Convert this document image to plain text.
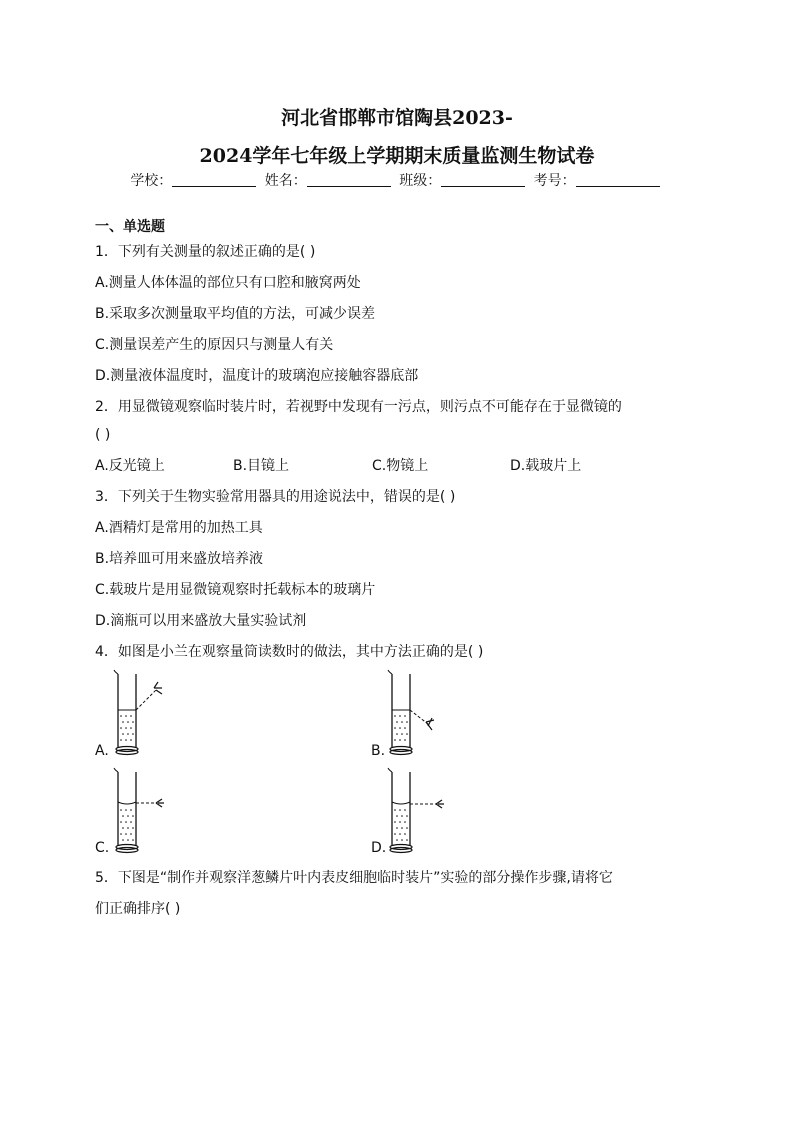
河北省邯郸市馆陶县2023-
2024学年七年级上学期期末质量监测生物试卷
学校：	姓名：	班级：	考号：
一、单选题
1．下列有关测量的叙述正确的是( )
A.测量人体体温的部位只有口腔和腋窝两处
B.采取多次测量取平均值的方法，可减少误差
C.测量误差产生的原因只与测量人有关
D.测量液体温度时，温度计的玻璃泡应接触容器底部
2．用显微镜观察临时装片时，若视野中发现有一污点，则污点不可能存在于显微镜的
( )
A.反光镜上	B.目镜上	C.物镜上	D.载玻片上
3．下列关于生物实验常用器具的用途说法中，错误的是( )
A.酒精灯是常用的加热工具
B.培养皿可用来盛放培养液
C.载玻片是用显微镜观察时托载标本的玻璃片
D.滴瓶可以用来盛放大量实验试剂
4．如图是小兰在观察量筒读数时的做法，其中方法正确的是( )
A.	B.
C.	D.
5．下图是“制作并观察洋葱鳞片叶内表皮细胞临时装片”实验的部分操作步骤,请将它
们正确排序( )
